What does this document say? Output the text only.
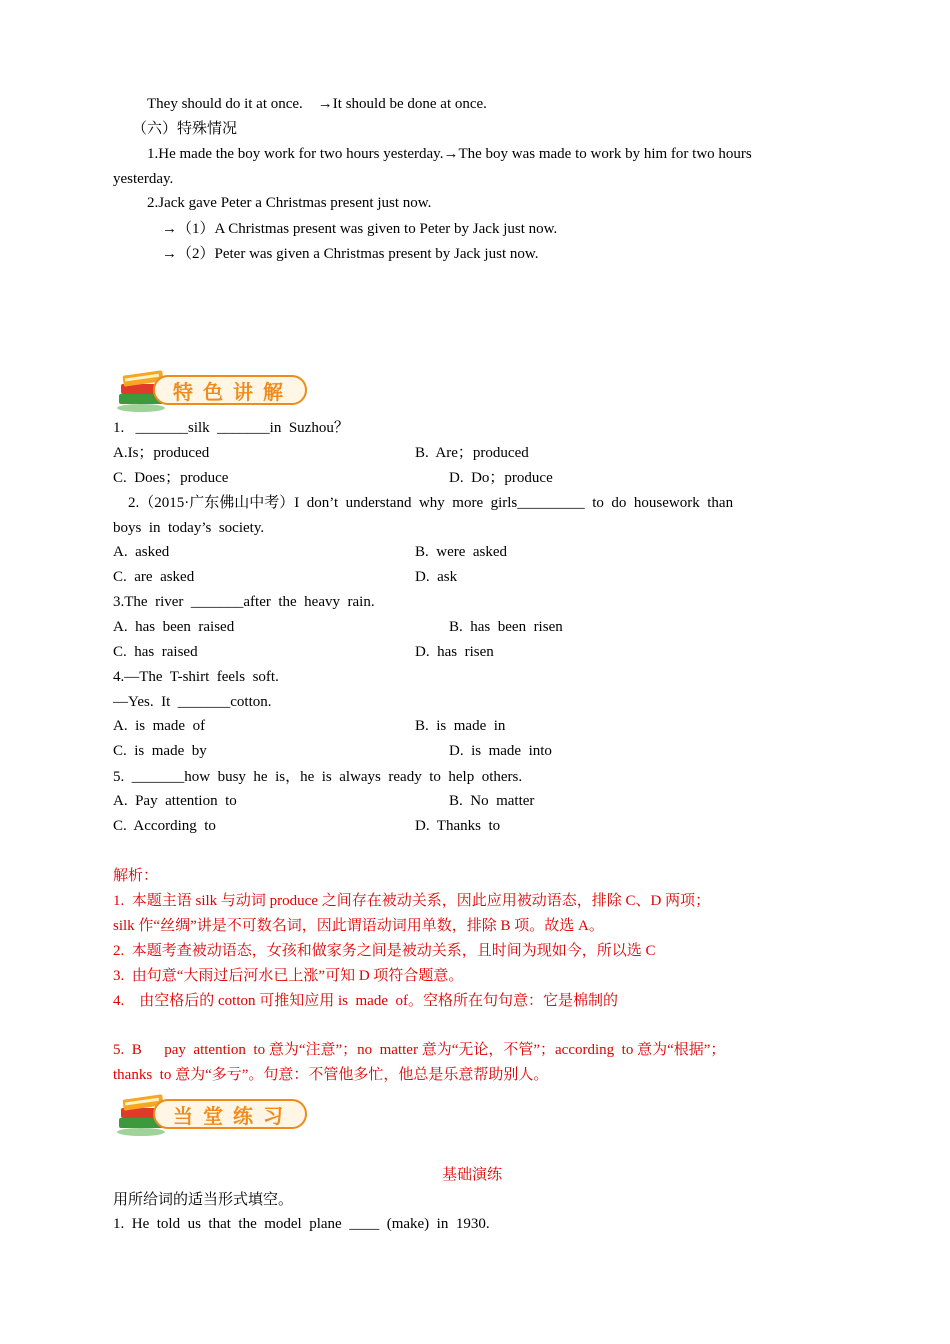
They should do it at once.    →It should be done at once.
（六）特殊情况
1.He made the boy work for two hours yesterday.→The boy was made to work by him for two hours
yesterday.
2.Jack gave Peter a Christmas present just now.
→（1）A Christmas present was given to Peter by Jack just now.
→（2）Peter was given a Christmas present by Jack just now.
特色讲解
1.   _______silk  _______in  Suzhou？
A.Is；produced	B.  Are；produced
C.  Does；produce	D.  Do；produce
2.（2015·广东佛山中考）I  don’t  understand  why  more  girls_________  to  do  housework  than
boys  in  today’s  society.
A.  asked	B.  were  asked
C.  are  asked	D.  ask
3.The  river  _______after  the  heavy  rain.
A.  has  been  raised	B.  has  been  risen
C.  has  raised	D.  has  risen
4.—The  T-shirt  feels  soft.
—Yes.  It  _______cotton.
A.  is  made  of	B.  is  made  in
C.  is  made  by	D.  is  made  into
5.  _______how  busy  he  is，he  is  always  ready  to  help  others.
A.  Pay  attention  to	B.  No  matter
C.  According  to	D.  Thanks  to
解析：
1.  本题主语 silk 与动词 produce 之间存在被动关系，因此应用被动语态，排除 C、D 两项；
silk 作“丝绸”讲是不可数名词，因此谓语动词用单数，排除 B 项。故选 A。
2.  本题考查被动语态，女孩和做家务之间是被动关系，且时间为现如今，所以选 C
3.  由句意“大雨过后河水已上涨”可知 D 项符合题意。
4.    由空格后的 cotton 可推知应用 is  made  of。空格所在句句意：它是棉制的
5.  B      pay  attention  to 意为“注意”；no  matter 意为“无论，不管”；according  to 意为“根据”；
thanks  to 意为“多亏”。句意：不管他多忙，他总是乐意帮助别人。
当堂练习
基础演练
用所给词的适当形式填空。
1.  He  told  us  that  the  model  plane  ____  (make)  in  1930.
